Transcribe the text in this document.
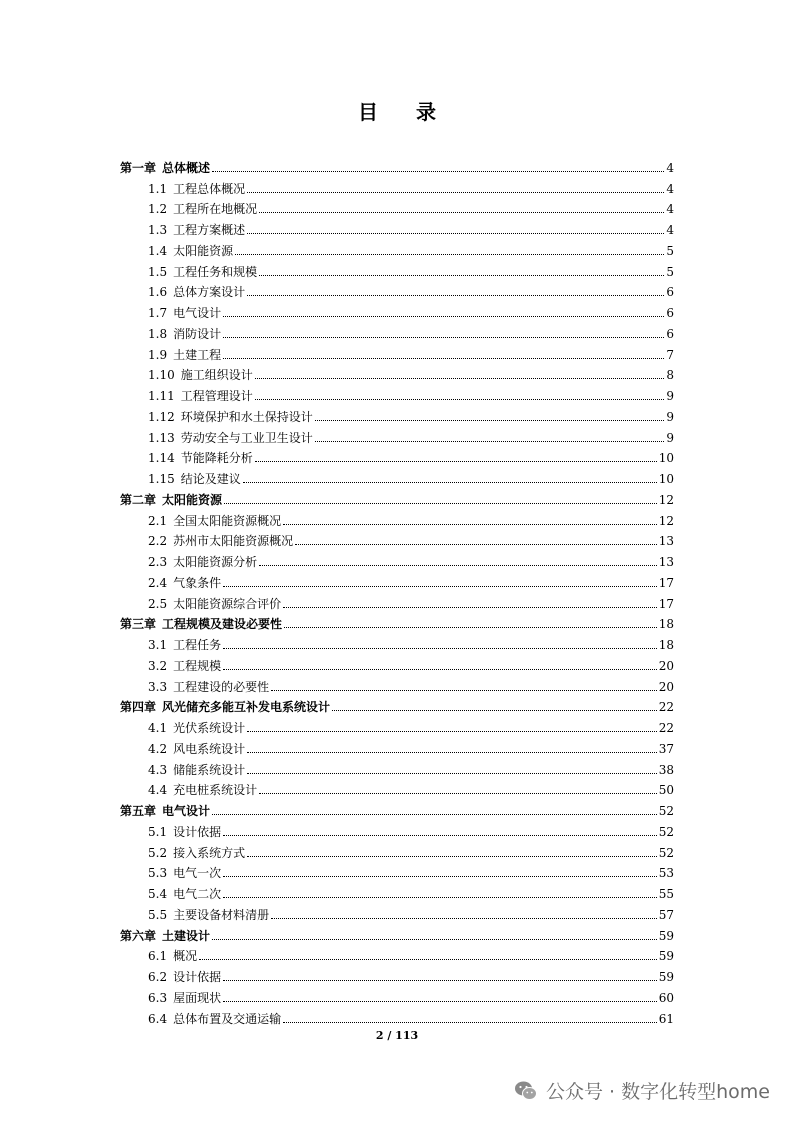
目 录
第一章 总体概述	4
1.1 工程总体概况	4
1.2 工程所在地概况	4
1.3 工程方案概述	4
1.4 太阳能资源	5
1.5 工程任务和规模	5
1.6 总体方案设计	6
1.7 电气设计	6
1.8 消防设计	6
1.9 土建工程	7
1.10 施工组织设计	8
1.11 工程管理设计	9
1.12 环境保护和水土保持设计	9
1.13 劳动安全与工业卫生设计	9
1.14 节能降耗分析	10
1.15 结论及建议	10
第二章 太阳能资源	12
2.1 全国太阳能资源概况	12
2.2 苏州市太阳能资源概况	13
2.3 太阳能资源分析	13
2.4 气象条件	17
2.5 太阳能资源综合评价	17
第三章 工程规模及建设必要性	18
3.1 工程任务	18
3.2 工程规模	20
3.3 工程建设的必要性	20
第四章 风光储充多能互补发电系统设计	22
4.1 光伏系统设计	22
4.2 风电系统设计	37
4.3 储能系统设计	38
4.4 充电桩系统设计	50
第五章 电气设计	52
5.1 设计依据	52
5.2 接入系统方式	52
5.3 电气一次	53
5.4 电气二次	55
5.5 主要设备材料清册	57
第六章 土建设计	59
6.1 概况	59
6.2 设计依据	59
6.3 屋面现状	60
6.4 总体布置及交通运输	61
2 / 113
公众号 · 数字化转型home
